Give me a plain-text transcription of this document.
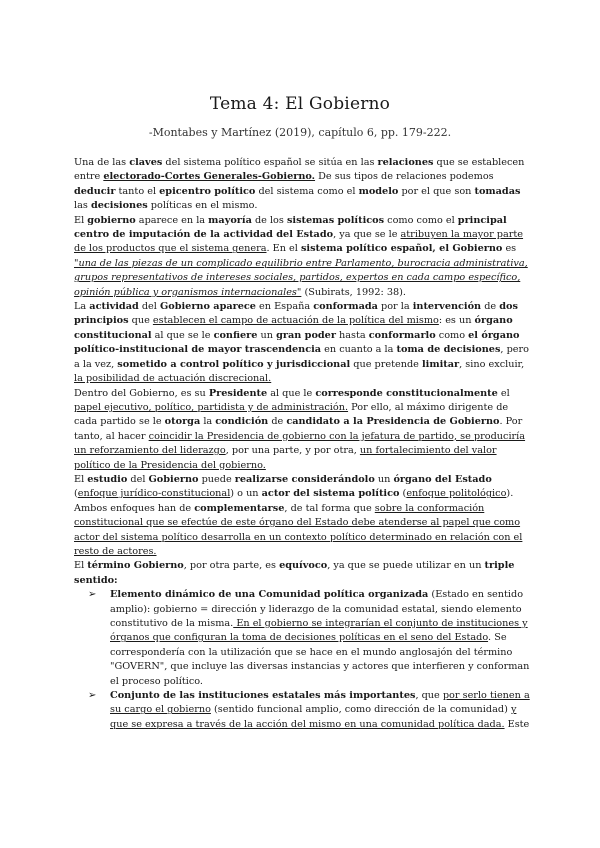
Tema 4: El Gobierno
-Montabes y Martínez (2019), capítulo 6, pp. 179-222.

Una de las claves del sistema político español se sitúa en las relaciones que se establecen entre electorado-Cortes Generales-Gobierno. De sus tipos de relaciones podemos deducir tanto el epicentro político del sistema como el modelo por el que son tomadas las decisiones políticas en el mismo.

El gobierno aparece en la mayoría de los sistemas políticos como como el principal centro de imputación de la actividad del Estado, ya que se le atribuyen la mayor parte de los productos que el sistema genera. En el sistema político español, el Gobierno es "una de las piezas de un complicado equilibrio entre Parlamento, burocracia administrativa, grupos representativos de intereses sociales, partidos, expertos en cada campo específico, opinión pública y organismos internacionales" (Subirats, 1992: 38).

La actividad del Gobierno aparece en España conformada por la intervención de dos principios que establecen el campo de actuación de la política del mismo: es un órgano constitucional al que se le confiere un gran poder hasta conformarlo como el órgano político-institucional de mayor trascendencia en cuanto a la toma de decisiones, pero a la vez, sometido a control político y jurisdiccional que pretende limitar, sino excluir, la posibilidad de actuación discrecional.

Dentro del Gobierno, es su Presidente al que le corresponde constitucionalmente el papel ejecutivo, político, partidista y de administración. Por ello, al máximo dirigente de cada partido se le otorga la condición de candidato a la Presidencia de Gobierno. Por tanto, al hacer coincidir la Presidencia de gobierno con la jefatura de partido, se produciría un reforzamiento del liderazgo, por una parte, y por otra, un fortalecimiento del valor político de la Presidencia del gobierno.

El estudio del Gobierno puede realizarse considerándolo un órgano del Estado (enfoque jurídico-constitucional) o un actor del sistema político (enfoque politológico). Ambos enfoques han de complementarse, de tal forma que sobre la conformación constitucional que se efectúe de este órgano del Estado debe atenderse al papel que como actor del sistema político desarrolla en un contexto político determinado en relación con el resto de actores.

El término Gobierno, por otra parte, es equívoco, ya que se puede utilizar en un triple sentido:

➢ Elemento dinámico de una Comunidad política organizada (Estado en sentido amplio): gobierno = dirección y liderazgo de la comunidad estatal, siendo elemento constitutivo de la misma. En el gobierno se integrarían el conjunto de instituciones y órganos que configuran la toma de decisiones políticas en el seno del Estado. Se correspondería con la utilización que se hace en el mundo anglosajón del término "GOVERN", que incluye las diversas instancias y actores que interfieren y conforman el proceso político.
➢ Conjunto de las instituciones estatales más importantes, que por serlo tienen a su cargo el gobierno (sentido funcional amplio, como dirección de la comunidad) y que se expresa a través de la acción del mismo en una comunidad política dada. Este
